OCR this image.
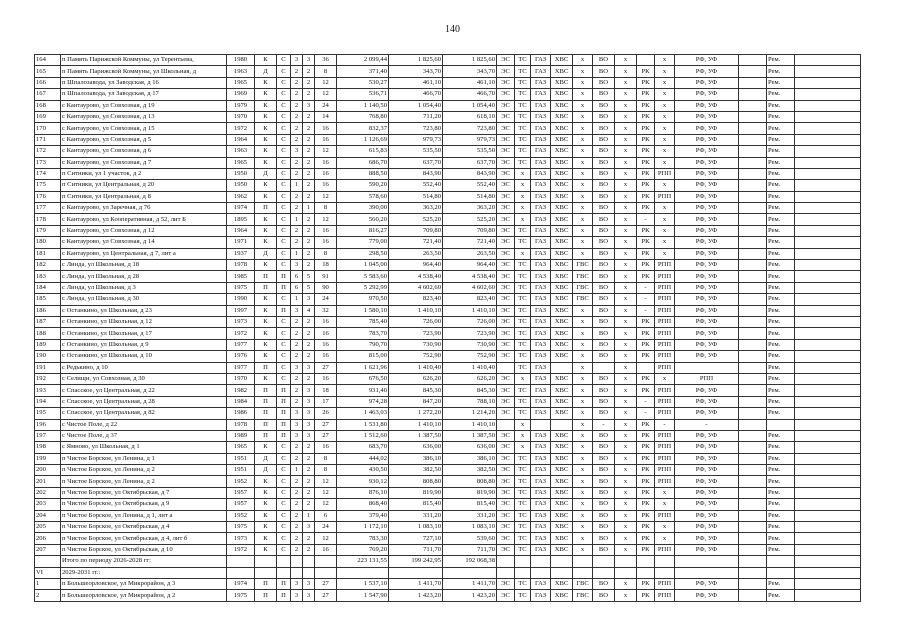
140
164	п Память Парижской Коммуны, ул Терентьева,	1980	К	С	3	3	36	2 099,44	1 825,60	1 825,60	ЭС	ТС	ГАЗ	ХВС	х	ВО	х		х	РФ, УФ		Рем.	
165	п Память Парижской Коммуны, ул Школьная, д	1963	Д	С	2	2	8	371,40	343,70	343,70	ЭС	ТС	ГАЗ	ХВС	х	ВО	х	РК	х	РФ, УФ		Рем.	
166	п Шпалозавода, ул Заводская, д 16	1965	К	С	2	2	12	530,27	461,10	461,10	ЭС	ТС	ГАЗ	ХВС	х	ВО	х	РК	х	РФ, УФ		Рем.	
167	п Шпалозавода, ул Заводская, д 17	1969	К	С	2	2	12	536,71	466,70	466,70	ЭС	ТС	ГАЗ	ХВС	х	ВО	х	РК	х	РФ, УФ		Рем.	
168	с Кантаурово, ул Совхозная, д 19	1979	К	С	2	3	24	1 140,50	1 054,40	1 054,40	ЭС	ТС	ГАЗ	ХВС	х	ВО	х	РК	х	РФ, УФ		Рем.	
169	с Кантаурово, ул Совхозная, д 13	1970	К	С	2	2	14	768,80	711,20	618,10	ЭС	ТС	ГАЗ	ХВС	х	ВО	х	РК	х	РФ, УФ		Рем.	
170	с Кантаурово, ул Совхозная, д 15	1972	К	С	2	2	16	832,37	723,80	723,80	ЭС	ТС	ГАЗ	ХВС	х	ВО	х	РК	х	РФ, УФ		Рем.	
171	с Кантаурово, ул Совхозная, д 5	1964	К	С	2	2	16	1 126,69	979,73	979,73	ЭС	ТС	ГАЗ	ХВС	х	ВО	х	РК	х	РФ, УФ		Рем.	
172	с Кантаурово, ул Совхозная, д 6	1963	К	С	3	2	12	615,83	535,50	535,50	ЭС	ТС	ГАЗ	ХВС	х	ВО	х	РК	х	РФ, УФ		Рем.	
173	с Кантаурово, ул Совхозная, д 7	1965	К	С	2	2	16	686,70	637,70	637,70	ЭС	ТС	ГАЗ	ХВС	х	ВО	х	РК	х	РФ, УФ		Рем.	
174	п Ситники, ул 1 участок, д 2	1950	Д	С	2	2	16	888,50	843,90	843,90	ЭС	х	ГАЗ	ХВС	х	ВО	х	РК	РПП	РФ, УФ		Рем.	
175	п Ситники, ул Центральная, д 20	1950	К	С	1	2	16	590,20	552,40	552,40	ЭС	х	ГАЗ	ХВС	х	ВО	х	РК	х	РФ, УФ		Рем.	
176	п Ситники, ул Центральная, д 8	1962	К	С	2	2	12	578,60	514,80	514,80	ЭС	х	ГАЗ	ХВС	х	ВО	х	РК	РПП	РФ, УФ		Рем.	
177	с Кантаурово, ул Заречная, д 76	1974	П	С	2	1	8	390,00	363,20	363,20	ЭС	х	ГАЗ	ХВС	х	ВО	х	РК	х	РФ, УФ		Рем.	
178	с Кантаурово, ул Кооперативная, д 52, лит Б	1895	К	С	1	2	12	560,20	525,20	525,20	ЭС	х	ГАЗ	ХВС	х	ВО	х	-	х	РФ, УФ		Рем.	
179	с Кантаурово, ул Совхозная, д 12	1964	К	С	2	2	16	816,27	709,80	709,80	ЭС	ТС	ГАЗ	ХВС	х	ВО	х	РК	х	РФ, УФ		Рем.	
180	с Кантаурово, ул Совхозная, д 14	1971	К	С	2	2	16	779,00	721,40	721,40	ЭС	ТС	ГАЗ	ХВС	х	ВО	х	РК	х	РФ, УФ		Рем.	
181	с Кантаурово, ул Центральная, д 7, лит а	1937	Д	С	1	2	8	298,50	263,50	263,50	ЭС	х	ГАЗ	ХВС	х	ВО	х	РК	х	РФ, УФ		Рем.	
182	с Линда, ул Школьная, д 18	1978	К	С	3	2	18	1 045,00	964,40	964,40	ЭС	ТС	ГАЗ	ХВС	ГВС	ВО	х	РК	РПП	РФ, УФ		Рем.	
183	с Линда, ул Школьная, д 28	1985	П	П	6	5	91	5 583,60	4 538,40	4 538,40	ЭС	ТС	ГАЗ	ХВС	ГВС	ВО	х	РК	РПП	РФ, УФ		Рем.	
184	с Линда, ул Школьная, д 3	1975	П	П	6	5	90	5 292,99	4 602,60	4 602,60	ЭС	ТС	ГАЗ	ХВС	ГВС	ВО	х	-	РПП	РФ, УФ		Рем.	
185	с Линда, ул Школьная, д 30	1990	К	С	1	3	24	970,50	823,40	823,40	ЭС	ТС	ГАЗ	ХВС	ГВС	ВО	х	-	РПП	РФ, УФ		Рем.	
186	с Останкино, ул Школьная, д 23	1997	К	П	3	4	32	1 580,10	1 410,10	1 410,10	ЭС	ТС	ГАЗ	ХВС	х	ВО	х	-	РПП	РФ, УФ		Рем.	
187	с Останкино, ул Школьная, д 12	1973	К	С	2	2	16	785,40	726,00	726,00	ЭС	ТС	ГАЗ	ХВС	х	ВО	х	РК	РПП	РФ, УФ		Рем.	
188	с Останкино, ул Школьная, д 17	1972	К	С	2	2	16	783,70	723,90	723,90	ЭС	ТС	ГАЗ	ХВС	х	ВО	х	РК	РПП	РФ, УФ		Рем.	
189	с Останкино, ул Школьная, д 9	1977	К	С	2	2	16	790,70	730,90	730,90	ЭС	ТС	ГАЗ	ХВС	х	ВО	х	РК	РПП	РФ, УФ		Рем.	
190	с Останкино, ул Школьная, д 10	1976	К	С	2	2	16	815,00	752,90	752,90	ЭС	ТС	ГАЗ	ХВС	х	ВО	х	РК	РПП	РФ, УФ		Рем.	
191	с Редькино, д 10	1977	П	С	3	3	27	1 621,96	1 410,40	1 410,40		ТС	ГАЗ		х		х		РПП			Рем.	
192	с Селищи, ул Совхозная, д 30	1970	К	С	2	2	16	676,50	626,20	626,20	ЭС	х	ГАЗ	ХВС	х	ВО	х	РК	х	РПП		Рем.	
193	с Спасское, ул Центральная, д 22	1982	П	П	2	3	18	931,40	845,30	845,30	ЭС	ТС	ГАЗ	ХВС	х	ВО	х	РК	РПП	РФ, УФ		Рем.	
194	с Спасское, ул Центральная, д 28	1984	П	П	2	3	17	974,28	847,20	788,10	ЭС	ТС	ГАЗ	ХВС	х	ВО	х	-	РПП	РФ, УФ		Рем.	
195	с Спасское, ул Центральная, д 82	1986	П	П	3	3	26	1 463,03	1 272,20	1 214,20	ЭС	ТС	ГАЗ	ХВС	х	ВО	х	-	РПП	РФ, УФ		Рем.	
196	с Чистое Поле, д 22	1978	П	П	3	3	27	1 531,80	1 410,10	1 410,10		х			х	-	х	РК	-	-			
197	с Чистое Поле, д 37	1989	П	П	3	3	27	1 512,60	1 387,50	1 387,50	ЭС	х	ГАЗ	ХВС	х	ВО	х	РК	РПП	РФ, УФ		Рем.	
198	с Ямново, ул Школьная, д 1	1965	К	С	2	2	16	683,70	636,00	636,00	ЭС	х	ГАЗ	ХВС	х	ВО	х	РК	РПП	РФ, УФ		Рем.	
199	п Чистое Борское, ул Ленина, д 1	1951	Д	С	2	2	8	444,02	386,10	386,10	ЭС	ТС	ГАЗ	ХВС	х	ВО	х	РК	РПП	РФ, УФ		Рем.	
200	п Чистое Борское, ул Ленина, д 2	1951	Д	С	1	2	8	430,50	382,50	382,50	ЭС	ТС	ГАЗ	ХВС	х	ВО	х	РК	РПП	РФ, УФ		Рем.	
201	п Чистое Борское, ул Ленина, д 2	1952	К	С	2	2	12	930,12	808,80	808,80	ЭС	ТС	ГАЗ	ХВС	х	ВО	х	РК	РПП	РФ, УФ		Рем.	
202	п Чистое Борское, ул Октябрьская, д 7	1957	К	С	2	2	12	876,10	819,90	819,90	ЭС	ТС	ГАЗ	ХВС	х	ВО	х	РК	х	РФ, УФ		Рем.	
203	п Чистое Борское, ул Октябрьская, д 9	1957	К	С	2	2	12	868,40	815,40	815,40	ЭС	ТС	ГАЗ	ХВС	х	ВО	х	РК	х	РФ, УФ		Рем.	
204	п Чистое Борское, ул Ленина, д 1, лит а	1952	К	С	2	1	6	379,40	331,20	331,20	ЭС	ТС	ГАЗ	ХВС	х	ВО	х	РК	РПП	РФ, УФ		Рем.	
205	п Чистое Борское, ул Октябрьская, д 4	1975	К	С	2	3	24	1 172,10	1 083,10	1 083,10	ЭС	ТС	ГАЗ	ХВС	х	ВО	х	РК	х	РФ, УФ		Рем.	
206	п Чистое Борское, ул Октябрьская, д 4, лит б	1973	К	С	2	2	12	783,30	727,10	539,60	ЭС	ТС	ГАЗ	ХВС	х	ВО	х	РК	х	РФ, УФ		Рем.	
207	п Чистое Борское, ул Октябрьская, д 10	1972	К	С	2	2	16	769,20	711,70	711,70	ЭС	ТС	ГАЗ	ХВС	х	ВО	х	РК	РПП	РФ, УФ		Рем.	
	Итого по периоду 2026-2028 гг:							223 131,55	199 242,95	192 068,38													
VI	2029-2031 гг.:																						
1	п Большеорловское, ул Микрорайон, д 3	1974	П	П	3	3	27	1 537,10	1 411,70	1 411,70	ЭС	ТС	ГАЗ	ХВС	ГВС	ВО	х	РК	РПП	РФ, УФ		Рем.	
2	п Большеорловское, ул Микрорайон, д 2	1975	П	П	3	3	27	1 547,90	1 423,20	1 423,20	ЭС	ТС	ГАЗ	ХВС	ГВС	ВО	х	РК	РПП	РФ, УФ		Рем.	
